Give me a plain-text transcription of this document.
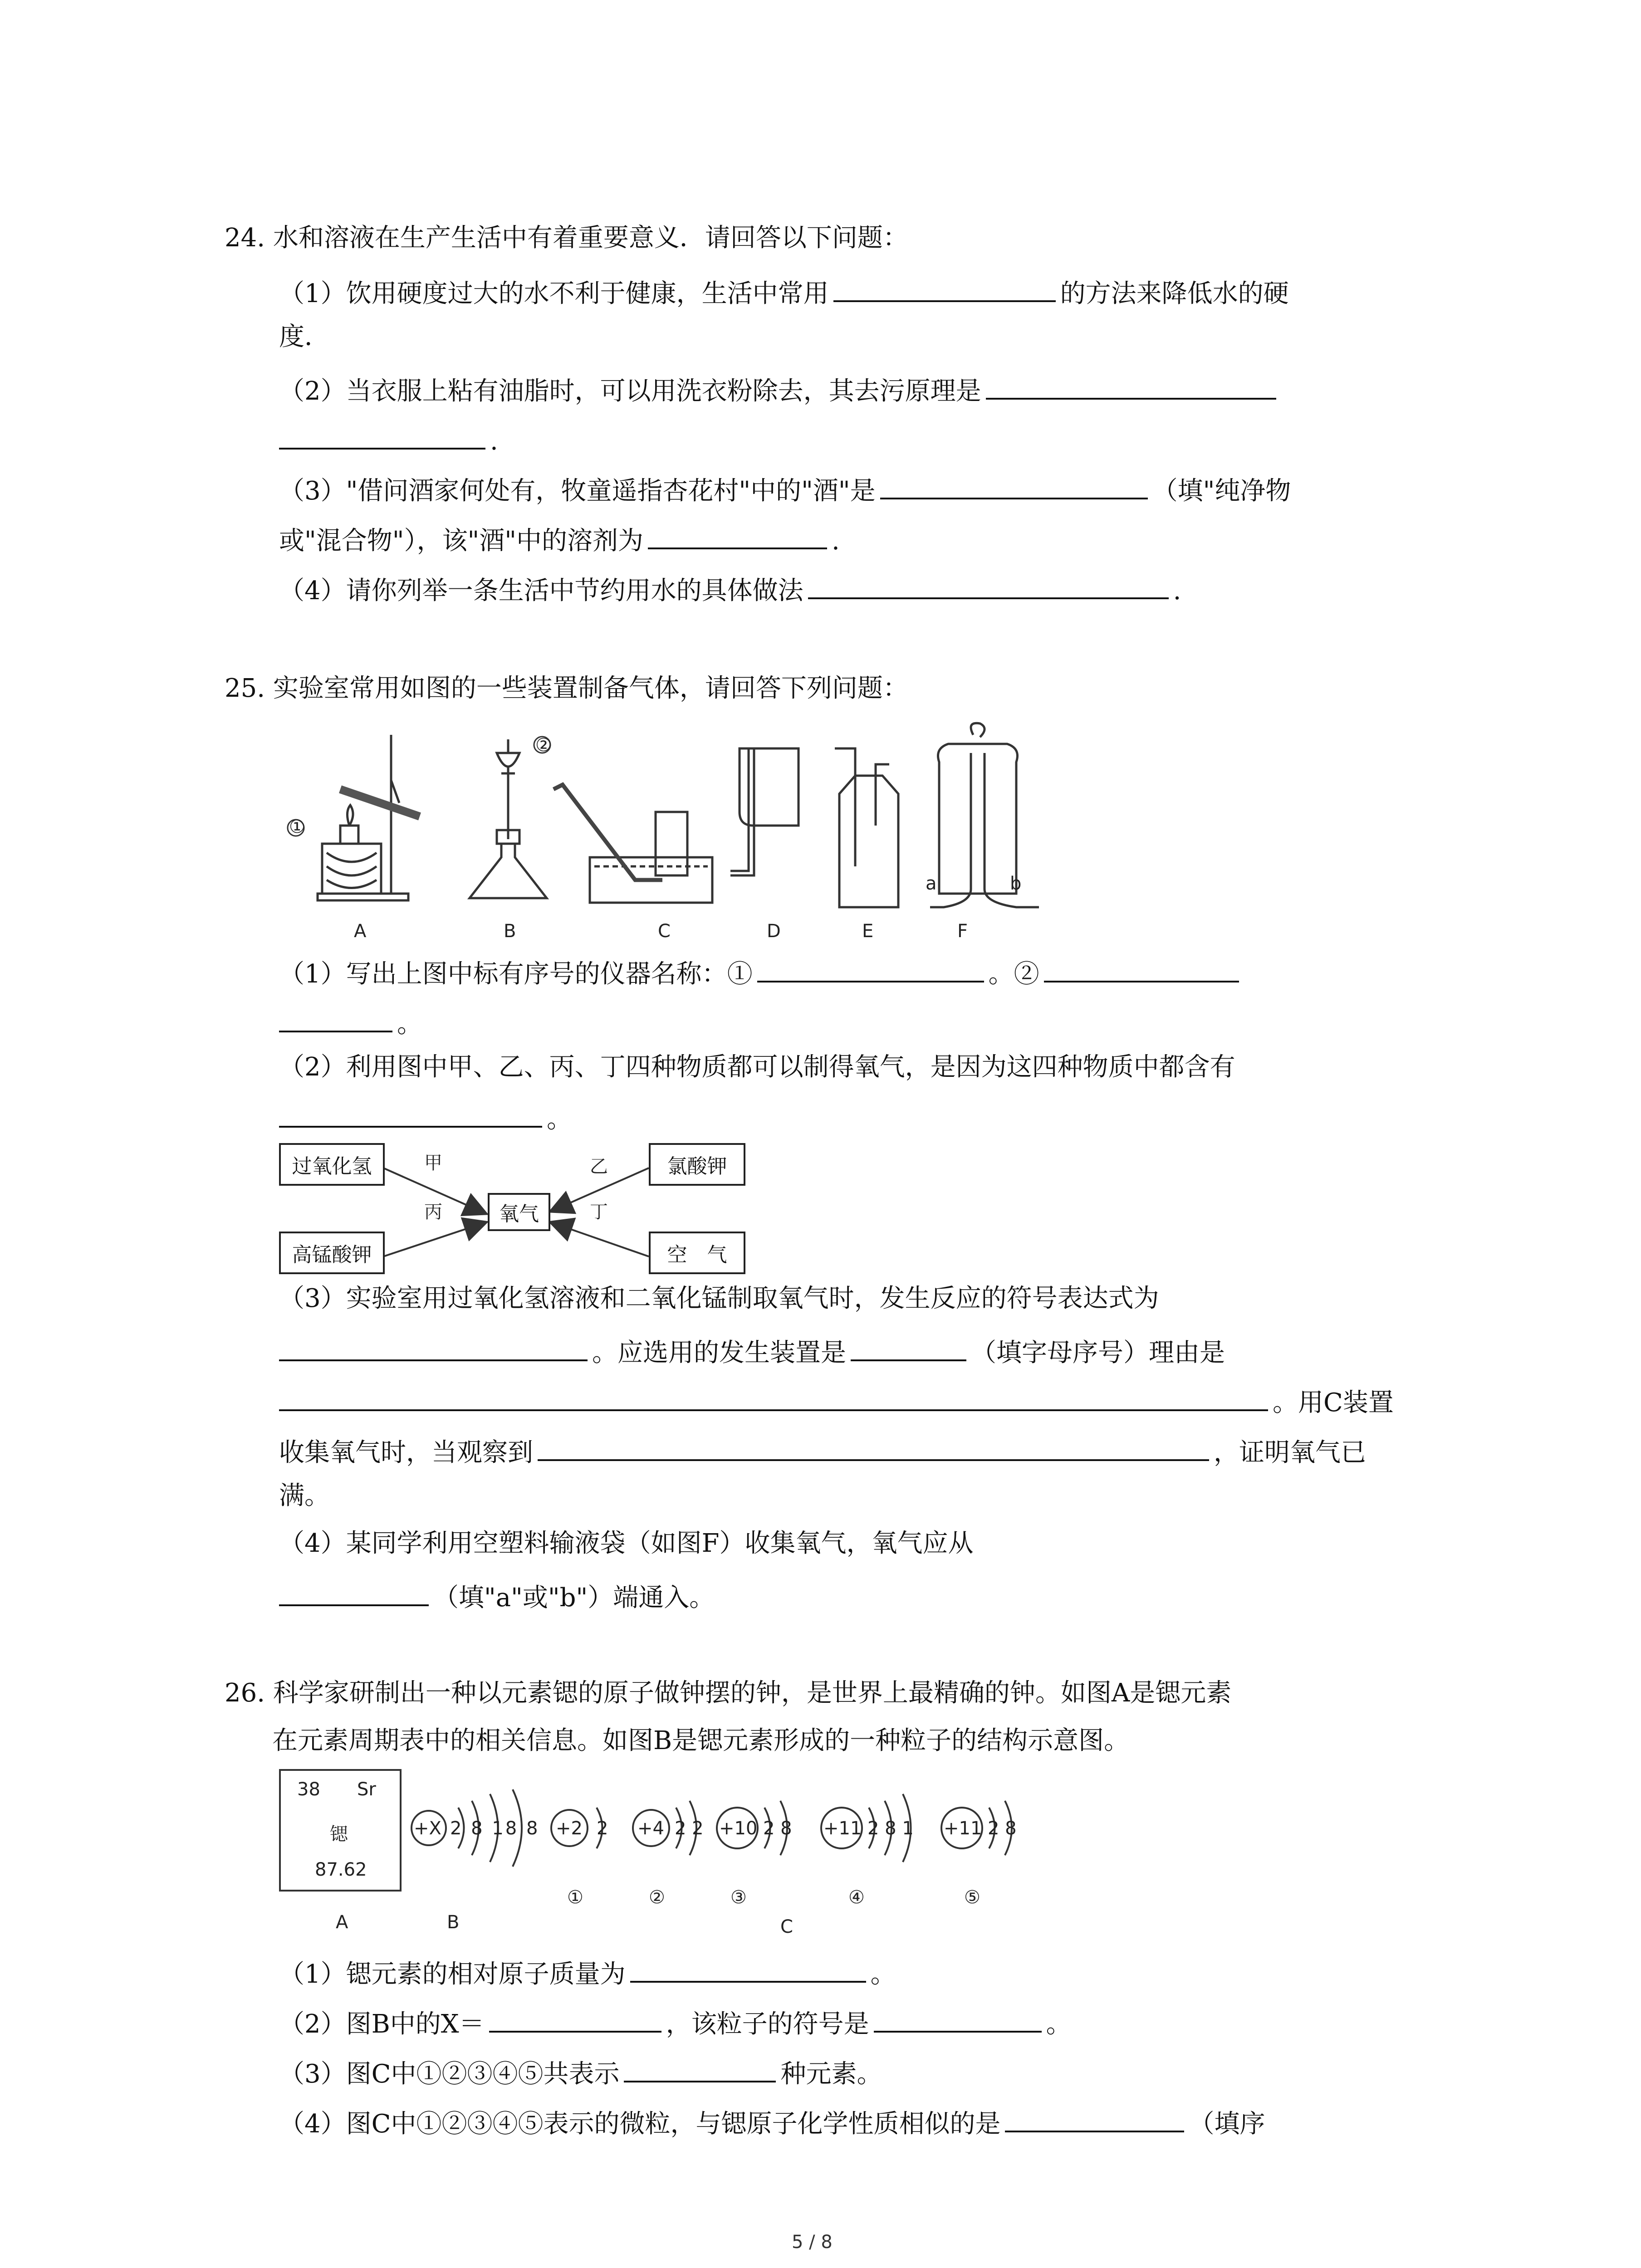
24. 水和溶液在生产生活中有着重要意义．请回答以下问题：
（1）饮用硬度过大的水不利于健康，生活中常用	的方法来降低水的硬
度．
（2）当衣服上粘有油脂时，可以用洗衣粉除去，其去污原理是
.
（3）"借问酒家何处有，牧童遥指杏花村"中的"酒"是	（填"纯净物
或"混合物"），该"酒"中的溶剂为	.
（4）请你列举一条生活中节约用水的具体做法	.
25. 实验室常用如图的一些装置制备气体，请回答下列问题：
①
②
a	b
A	B	C	D	E	F
（1）写出上图中标有序号的仪器名称：①	。②
。
（2）利用图中甲、乙、丙、丁四种物质都可以制得氧气，是因为这四种物质中都含有
。
过氧化氢
高锰酸钾
氧气
氯酸钾
空　气
甲
丙
乙
丁
（3）实验室用过氧化氢溶液和二氧化锰制取氧气时，发生反应的符号表达式为
。应选用的发生装置是	（填字母序号）理由是
。用C装置
收集氧气时，当观察到	，证明氧气已
满。
（4）某同学利用空塑料输液袋（如图F）收集氧气，氧气应从
（填"a"或"b"）端通入。
26. 科学家研制出一种以元素锶的原子做钟摆的钟，是世界上最精确的钟。如图A是锶元素
在元素周期表中的相关信息。如图B是锶元素形成的一种粒子的结构示意图。
38 Sr
锶
87.62
+X 2 8 18 8 +2 2
①
+4 2 2
②
+10 2 8
③
+11 2 8 1
④
+11 2 8
⑤
A	B	C
（1）锶元素的相对原子质量为	。
（2）图B中的X＝	，该粒子的符号是	。
（3）图C中①②③④⑤共表示	种元素。
（4）图C中①②③④⑤表示的微粒，与锶原子化学性质相似的是	（填序
5 / 8
